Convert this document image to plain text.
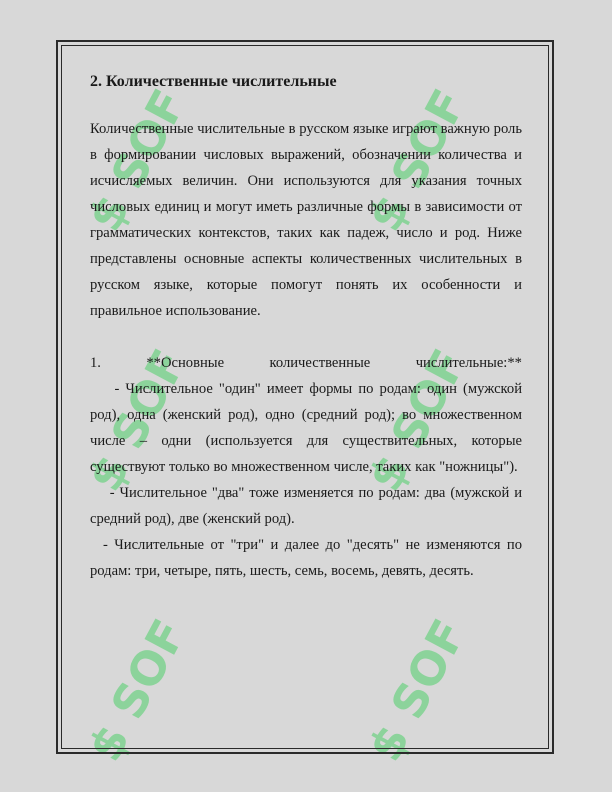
$ SOFF
$ SOFF
$ SOFF
$ SOFF
$ SOFF
$ SOFF
2. Количественные числительные

Количественные числительные в русском языке играют важную роль в формировании числовых выражений, обозначении количества и исчисляемых величин. Они используются для указания точных числовых единиц и могут иметь различные формы в зависимости от грамматических контекстов, таких как падеж, число и род. Ниже представлены основные аспекты количественных числительных в русском языке, которые помогут понять их особенности и правильное использование.

1.	**Основные	количественные	числительные:**

- Числительное "один" имеет формы по родам: один (мужской род), одна (женский род), одно (средний род); во множественном числе – одни (используется для существительных, которые существуют только во множественном числе, таких как "ножницы").

- Числительное "два" тоже изменяется по родам: два (мужской и средний род), две (женский род).

- Числительные от "три" и далее до "десять" не изменяются по родам: три, четыре, пять, шесть, семь, восемь, девять, десять.
